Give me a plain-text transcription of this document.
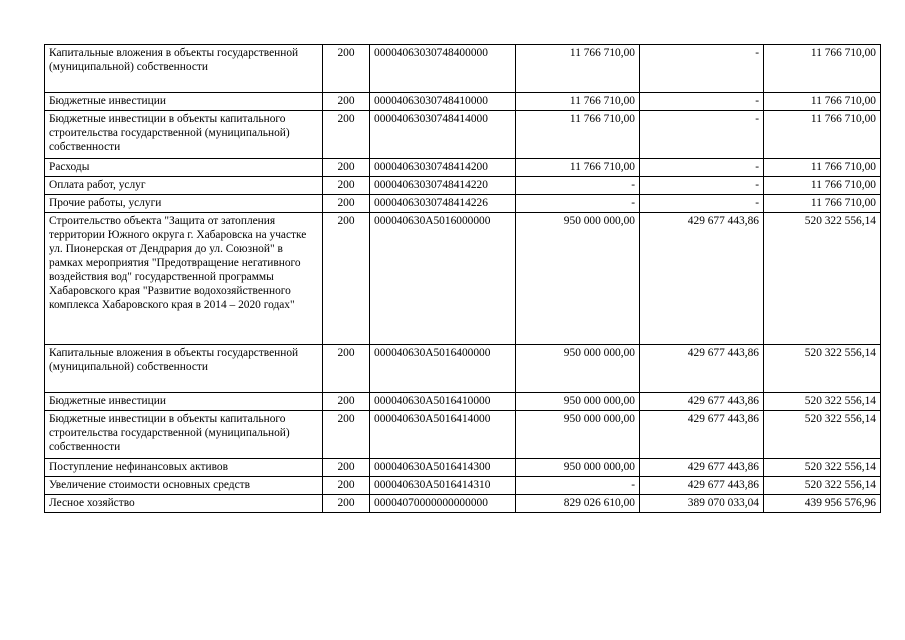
Капитальные вложения в объекты государственной (муниципальной) собственности	200	00004063030748400000	11 766 710,00	-	11 766 710,00
Бюджетные инвестиции	200	00004063030748410000	11 766 710,00	-	11 766 710,00
Бюджетные инвестиции в объекты капитального строительства государственной (муниципальной) собственности	200	00004063030748414000	11 766 710,00	-	11 766 710,00
Расходы	200	00004063030748414200	11 766 710,00	-	11 766 710,00
Оплата работ, услуг	200	00004063030748414220	-	-	11 766 710,00
Прочие работы, услуги	200	00004063030748414226	-	-	11 766 710,00
Строительство объекта "Защита от затопления территории Южного округа г. Хабаровска на участке ул. Пионерская от Дендрария до ул. Союзной" в рамках мероприятия "Предотвращение негативного воздействия вод" государственной программы Хабаровского края "Развитие водохозяйственного комплекса Хабаровского края в 2014 – 2020 годах"	200	000040630A5016000000	950 000 000,00	429 677 443,86	520 322 556,14
Капитальные вложения в объекты государственной (муниципальной) собственности	200	000040630A5016400000	950 000 000,00	429 677 443,86	520 322 556,14
Бюджетные инвестиции	200	000040630A5016410000	950 000 000,00	429 677 443,86	520 322 556,14
Бюджетные инвестиции в объекты капитального строительства государственной (муниципальной) собственности	200	000040630A5016414000	950 000 000,00	429 677 443,86	520 322 556,14
Поступление нефинансовых активов	200	000040630A5016414300	950 000 000,00	429 677 443,86	520 322 556,14
Увеличение стоимости основных средств	200	000040630A5016414310	-	429 677 443,86	520 322 556,14
Лесное хозяйство	200	00004070000000000000	829 026 610,00	389 070 033,04	439 956 576,96
